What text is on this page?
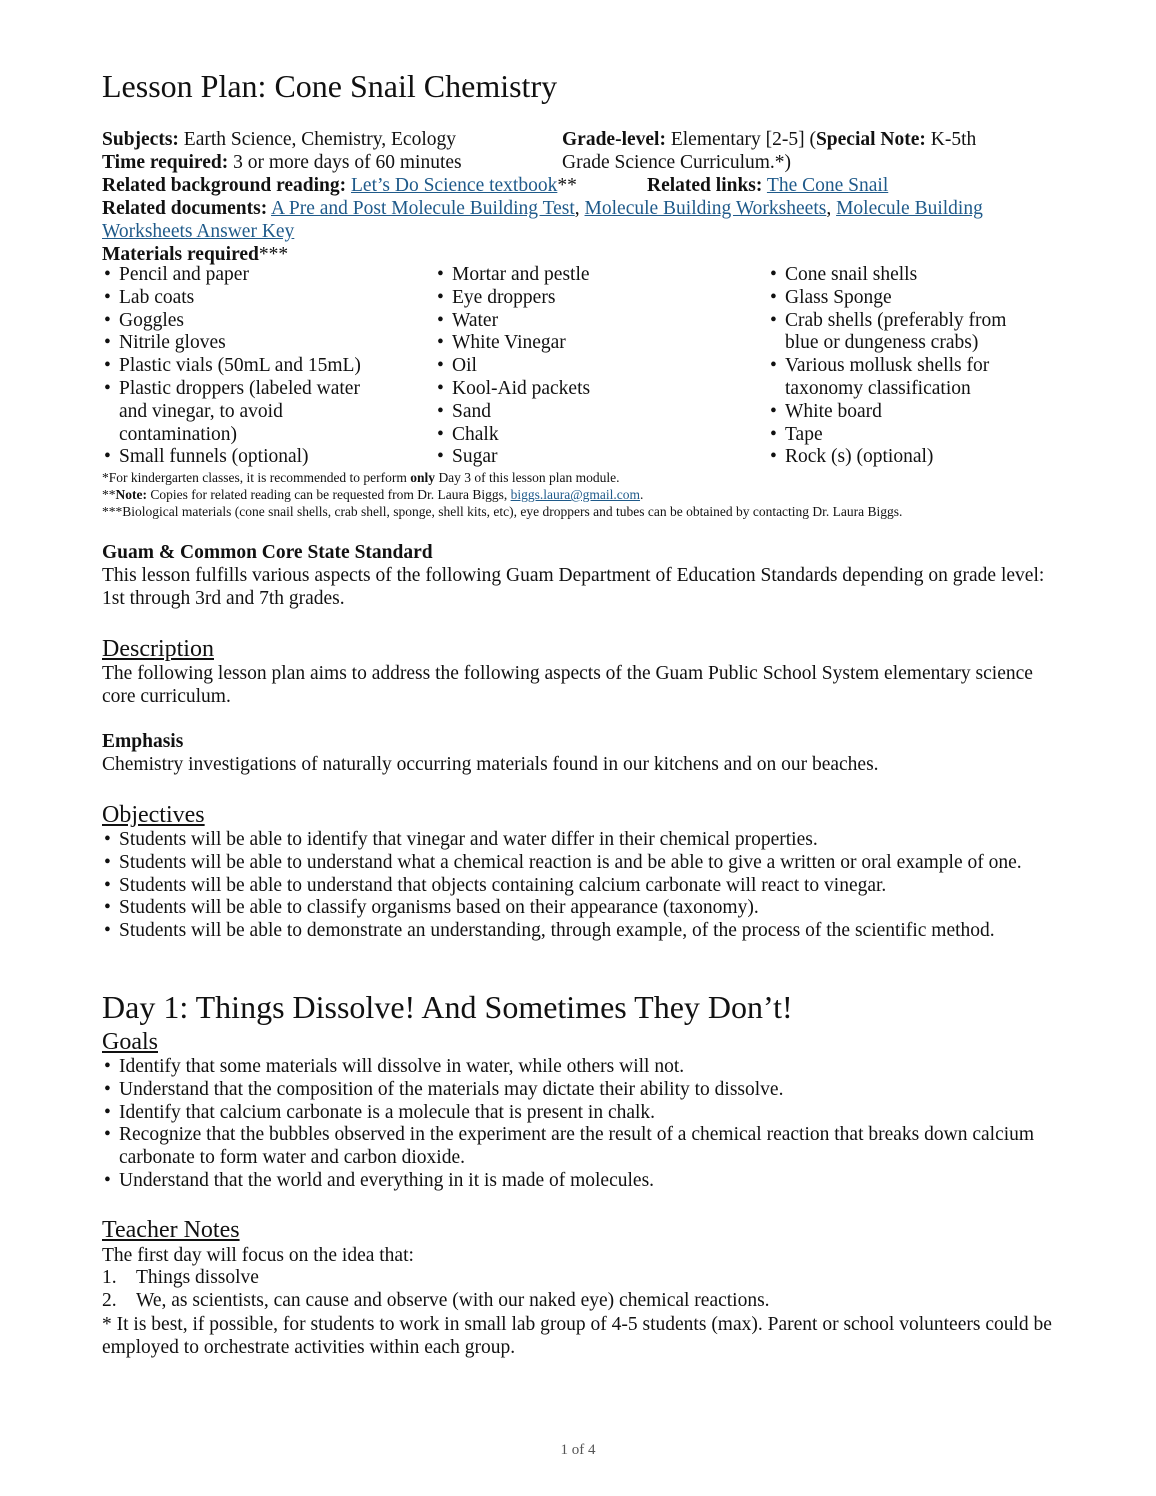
Lesson Plan: Cone Snail Chemistry
Subjects: Earth Science, Chemistry, Ecology	Grade-level: Elementary [2-5] (Special Note: K-5th
Time required: 3 or more days of 60 minutes	Grade Science Curriculum.*)
Related background reading: Let’s Do Science textbook**	Related links: The Cone Snail
Related documents: A Pre and Post Molecule Building Test, Molecule Building Worksheets, Molecule Building
Worksheets Answer Key
Materials required***
• Pencil and paper
• Lab coats
• Goggles
• Nitrile gloves
• Plastic vials (50mL and 15mL)
• Plastic droppers (labeled water and vinegar, to avoid contamination)
• Small funnels (optional)
• Mortar and pestle
• Eye droppers
• Water
• White Vinegar
• Oil
• Kool-Aid packets
• Sand
• Chalk
• Sugar
• Cone snail shells
• Glass Sponge
• Crab shells (preferably from blue or dungeness crabs)
• Various mollusk shells for taxonomy classification
• White board
• Tape
• Rock (s) (optional)
*For kindergarten classes, it is recommended to perform only Day 3 of this lesson plan module.
**Note: Copies for related reading can be requested from Dr. Laura Biggs, biggs.laura@gmail.com.
***Biological materials (cone snail shells, crab shell, sponge, shell kits, etc), eye droppers and tubes can be obtained by contacting Dr. Laura Biggs.
Guam & Common Core State Standard
This lesson fulfills various aspects of the following Guam Department of Education Standards depending on grade level: 1st through 3rd and 7th grades.
Description
The following lesson plan aims to address the following aspects of the Guam Public School System elementary science core curriculum.
Emphasis
Chemistry investigations of naturally occurring materials found in our kitchens and on our beaches.
Objectives
• Students will be able to identify that vinegar and water differ in their chemical properties.
• Students will be able to understand what a chemical reaction is and be able to give a written or oral example of one.
• Students will be able to understand that objects containing calcium carbonate will react to vinegar.
• Students will be able to classify organisms based on their appearance (taxonomy).
• Students will be able to demonstrate an understanding, through example, of the process of the scientific method.
Day 1: Things Dissolve! And Sometimes They Don’t!
Goals
• Identify that some materials will dissolve in water, while others will not.
• Understand that the composition of the materials may dictate their ability to dissolve.
• Identify that calcium carbonate is a molecule that is present in chalk.
• Recognize that the bubbles observed in the experiment are the result of a chemical reaction that breaks down calcium carbonate to form water and carbon dioxide.
• Understand that the world and everything in it is made of molecules.
Teacher Notes
The first day will focus on the idea that:
1. Things dissolve
2. We, as scientists, can cause and observe (with our naked eye) chemical reactions.
* It is best, if possible, for students to work in small lab group of 4-5 students (max). Parent or school volunteers could be employed to orchestrate activities within each group.
1 of 4
